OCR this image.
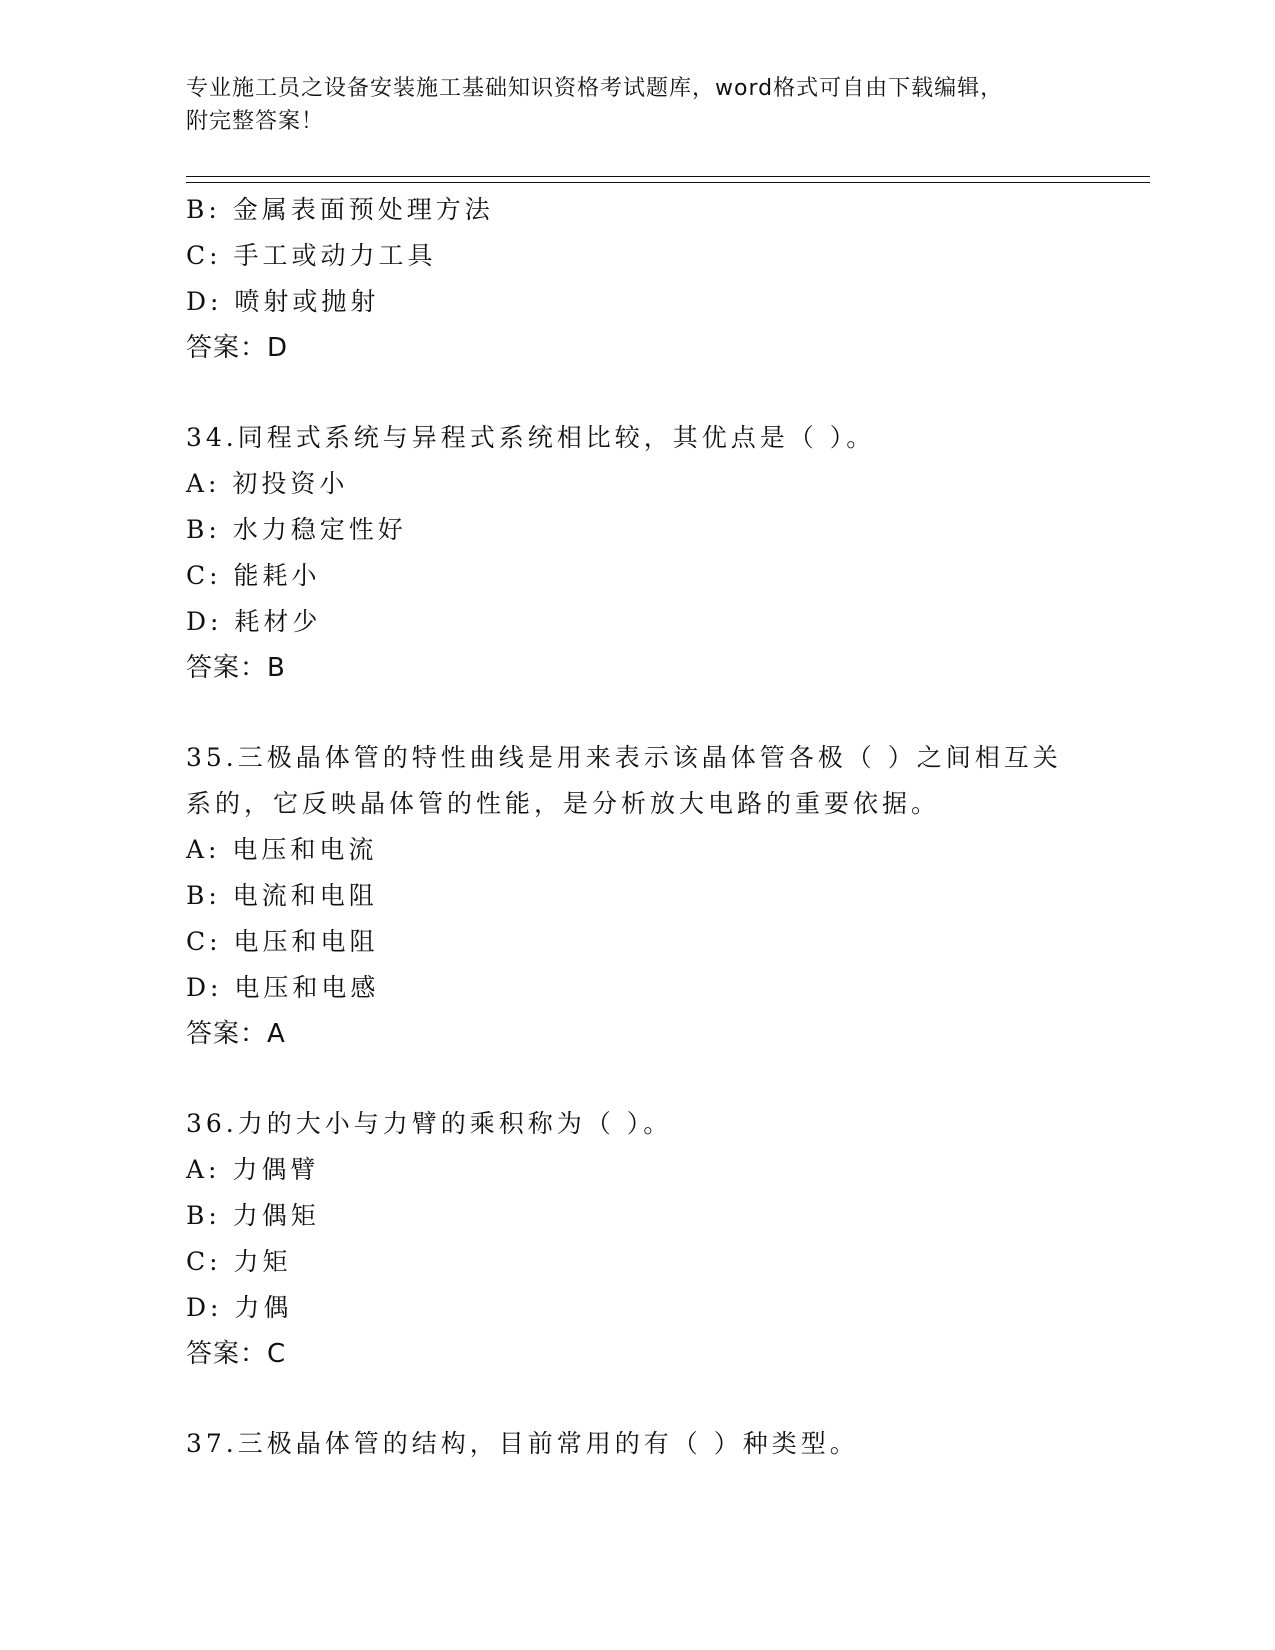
专业施工员之设备安装施工基础知识资格考试题库，word格式可自由下载编辑，
附完整答案！
B: 金属表面预处理方法
C: 手工或动力工具
D: 喷射或抛射
答案：D
34.同程式系统与异程式系统相比较，其优点是（ ）。
A: 初投资小
B: 水力稳定性好
C: 能耗小
D: 耗材少
答案：B
35.三极晶体管的特性曲线是用来表示该晶体管各极（ ）之间相互关系的，它反映晶体管的性能，是分析放大电路的重要依据。
A: 电压和电流
B: 电流和电阻
C: 电压和电阻
D: 电压和电感
答案：A
36.力的大小与力臂的乘积称为（ ）。
A: 力偶臂
B: 力偶矩
C: 力矩
D: 力偶
答案：C
37.三极晶体管的结构，目前常用的有（ ）种类型。
